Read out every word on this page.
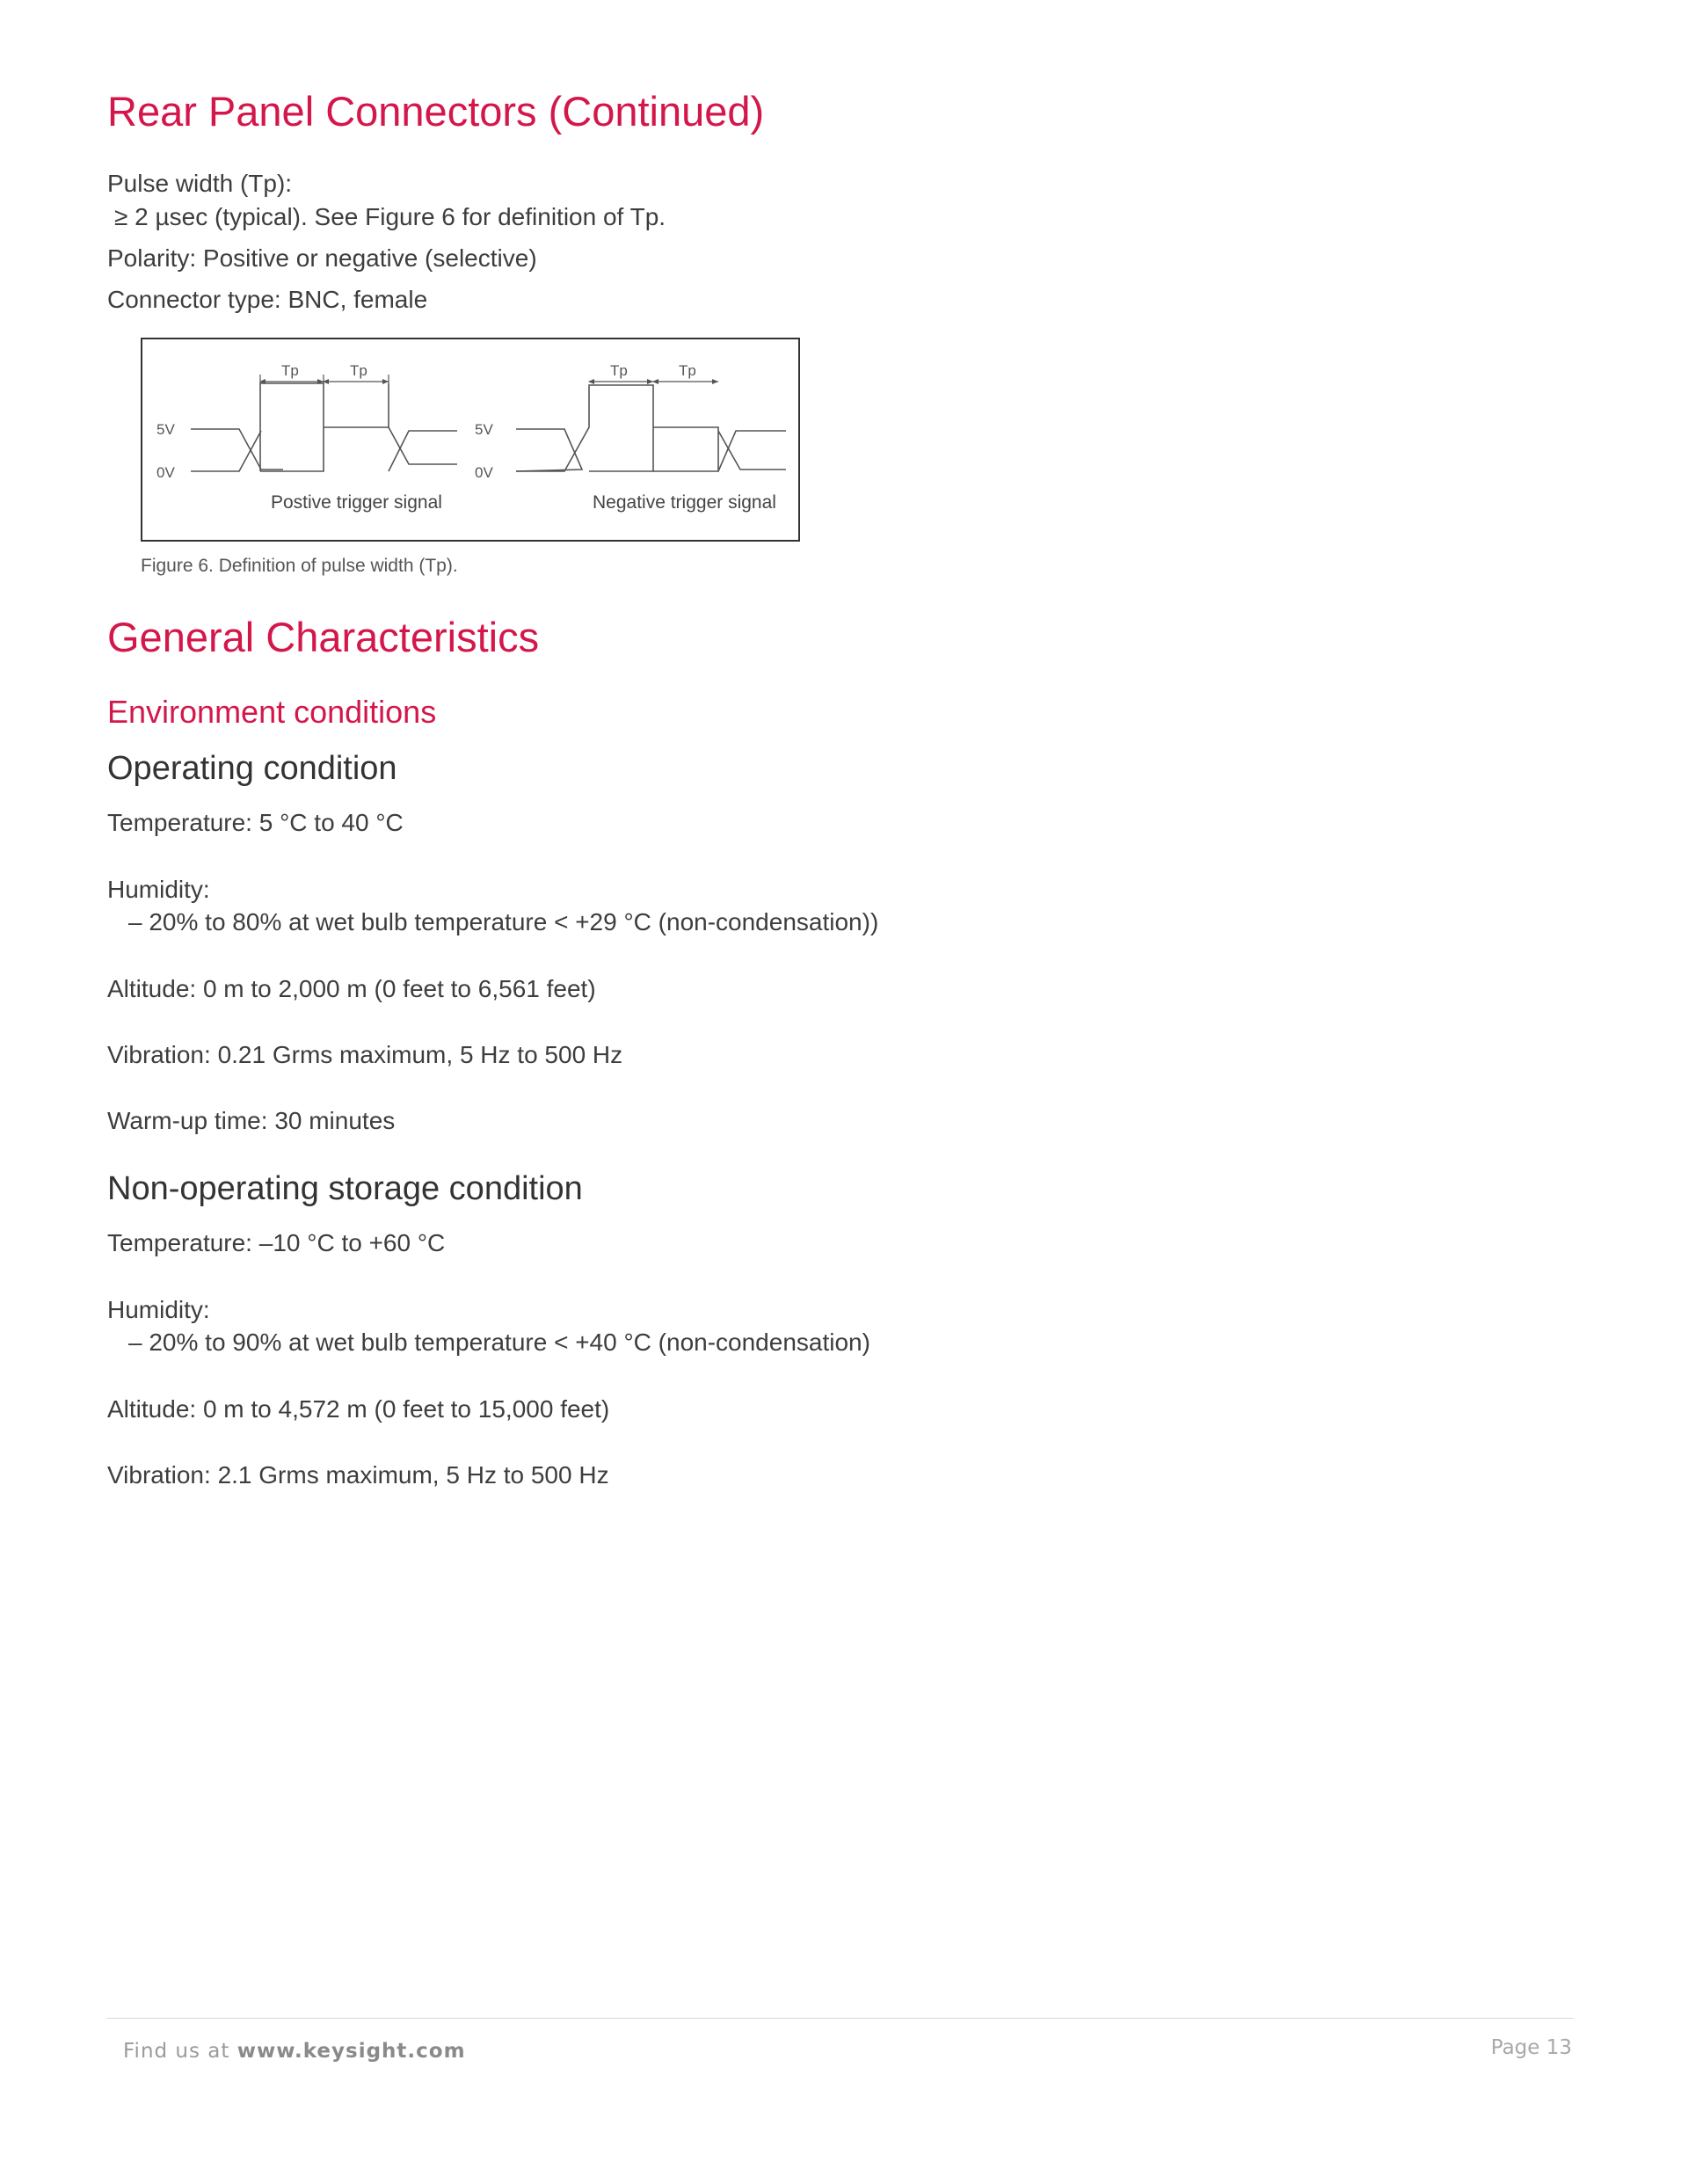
Rear Panel Connectors (Continued)

Pulse width (Tp):

≥ 2 µsec (typical). See Figure 6 for definition of Tp.

Polarity: Positive or negative (selective)

Connector type: BNC, female

Tp	Tp	Tp	Tp
5V
0V
5V
0V
Postive trigger signal	Negative trigger signal
Figure 6. Definition of pulse width (Tp).
General Characteristics
Environment conditions
Operating condition

Temperature: 5 °C to 40 °C

Humidity:

– 20% to 80% at wet bulb temperature < +29 °C (non-condensation))

Altitude: 0 m to 2,000 m (0 feet to 6,561 feet)

Vibration: 0.21 Grms maximum, 5 Hz to 500 Hz

Warm-up time: 30 minutes

Non-operating storage condition

Temperature: –10 °C to +60 °C

Humidity:

– 20% to 90% at wet bulb temperature < +40 °C (non-condensation)

Altitude: 0 m to 4,572 m (0 feet to 15,000 feet)

Vibration: 2.1 Grms maximum, 5 Hz to 500 Hz

Find us at www.keysight.com	Page 13
